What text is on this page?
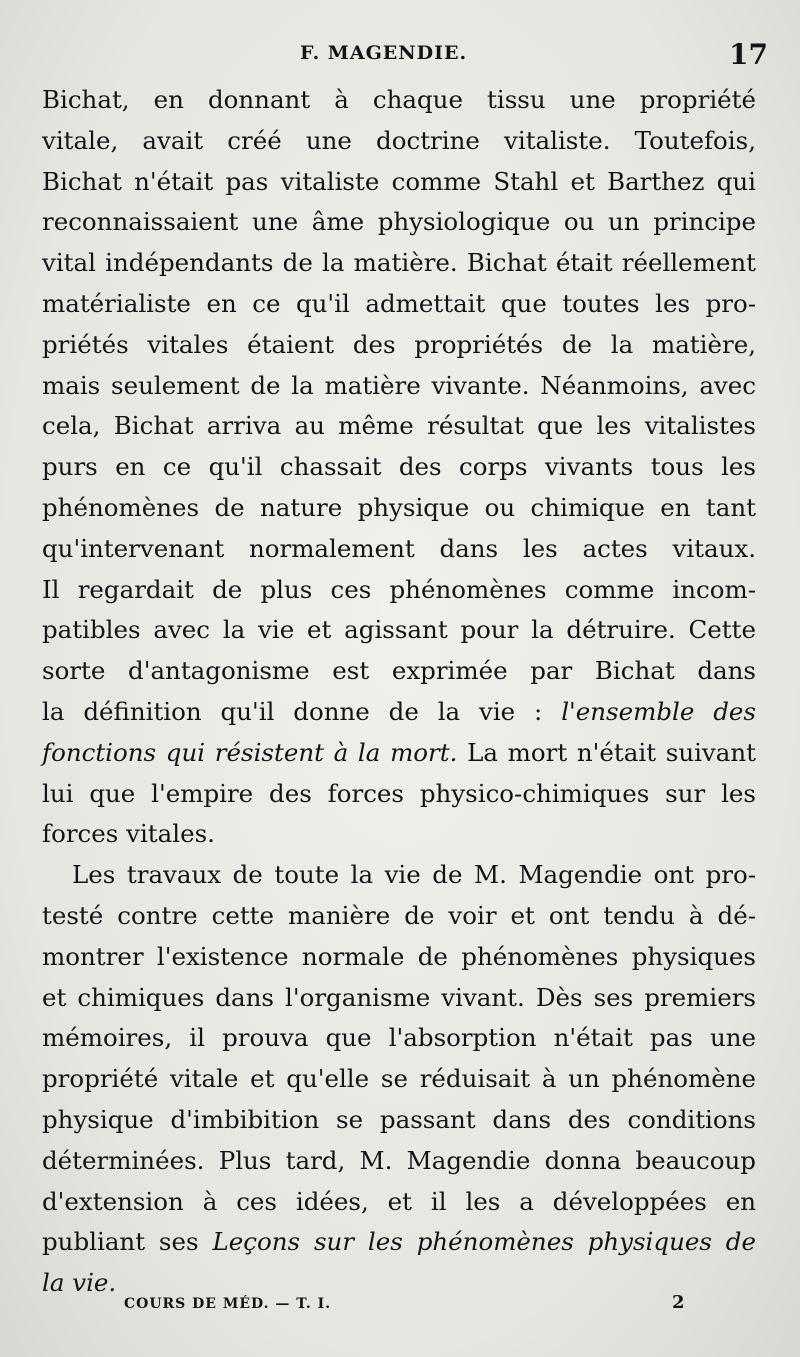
F. MAGENDIE.	17
Bichat, en donnant à chaque tissu une propriété
vitale, avait créé une doctrine vitaliste. Toutefois,
Bichat n'était pas vitaliste comme Stahl et Barthez qui
reconnaissaient une âme physiologique ou un principe
vital indépendants de la matière. Bichat était réellement
matérialiste en ce qu'il admettait que toutes les pro-
priétés vitales étaient des propriétés de la matière,
mais seulement de la matière vivante. Néanmoins, avec
cela, Bichat arriva au même résultat que les vitalistes
purs en ce qu'il chassait des corps vivants tous les
phénomènes de nature physique ou chimique en tant
qu'intervenant normalement dans les actes vitaux.
Il regardait de plus ces phénomènes comme incom-
patibles avec la vie et agissant pour la détruire. Cette
sorte d'antagonisme est exprimée par Bichat dans
la définition qu'il donne de la vie : l'ensemble des
fonctions qui résistent à la mort. La mort n'était suivant
lui que l'empire des forces physico-chimiques sur les
forces vitales.
Les travaux de toute la vie de M. Magendie ont pro-
testé contre cette manière de voir et ont tendu à dé-
montrer l'existence normale de phénomènes physiques
et chimiques dans l'organisme vivant. Dès ses premiers
mémoires, il prouva que l'absorption n'était pas une
propriété vitale et qu'elle se réduisait à un phénomène
physique d'imbibition se passant dans des conditions
déterminées. Plus tard, M. Magendie donna beaucoup
d'extension à ces idées, et il les a développées en
publiant ses Leçons sur les phénomènes physiques de
la vie.
COURS DE MÉD. — T. I.	2
